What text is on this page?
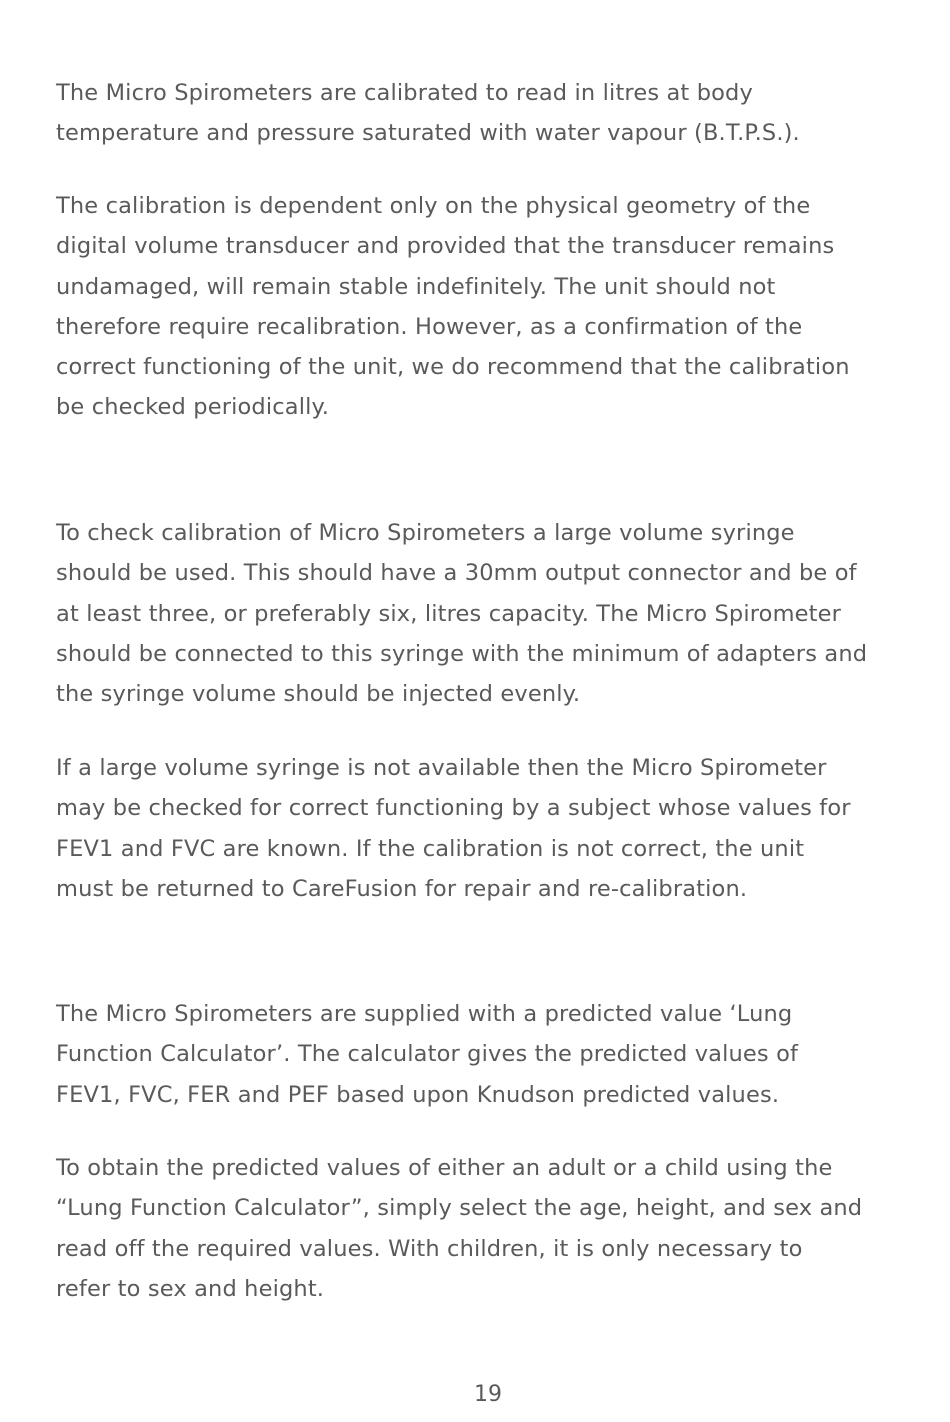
The Micro Spirometers are calibrated to read in litres at body
temperature and pressure saturated with water vapour (B.T.P.S.).

The calibration is dependent only on the physical geometry of the
digital volume transducer and provided that the transducer remains
undamaged, will remain stable indefinitely. The unit should not
therefore require recalibration. However, as a confirmation of the
correct functioning of the unit, we do recommend that the calibration
be checked periodically.

To check calibration of Micro Spirometers a large volume syringe
should be used. This should have a 30mm output connector and be of
at least three, or preferably six, litres capacity. The Micro Spirometer
should be connected to this syringe with the minimum of adapters and
the syringe volume should be injected evenly.

If a large volume syringe is not available then the Micro Spirometer
may be checked for correct functioning by a subject whose values for
FEV1 and FVC are known. If the calibration is not correct, the unit
must be returned to CareFusion for repair and re-calibration.

The Micro Spirometers are supplied with a predicted value ‘Lung
Function Calculator’. The calculator gives the predicted values of
FEV1, FVC, FER and PEF based upon Knudson predicted values.

To obtain the predicted values of either an adult or a child using the
“Lung Function Calculator”, simply select the age, height, and sex and
read off the required values. With children, it is only necessary to
refer to sex and height.

19
